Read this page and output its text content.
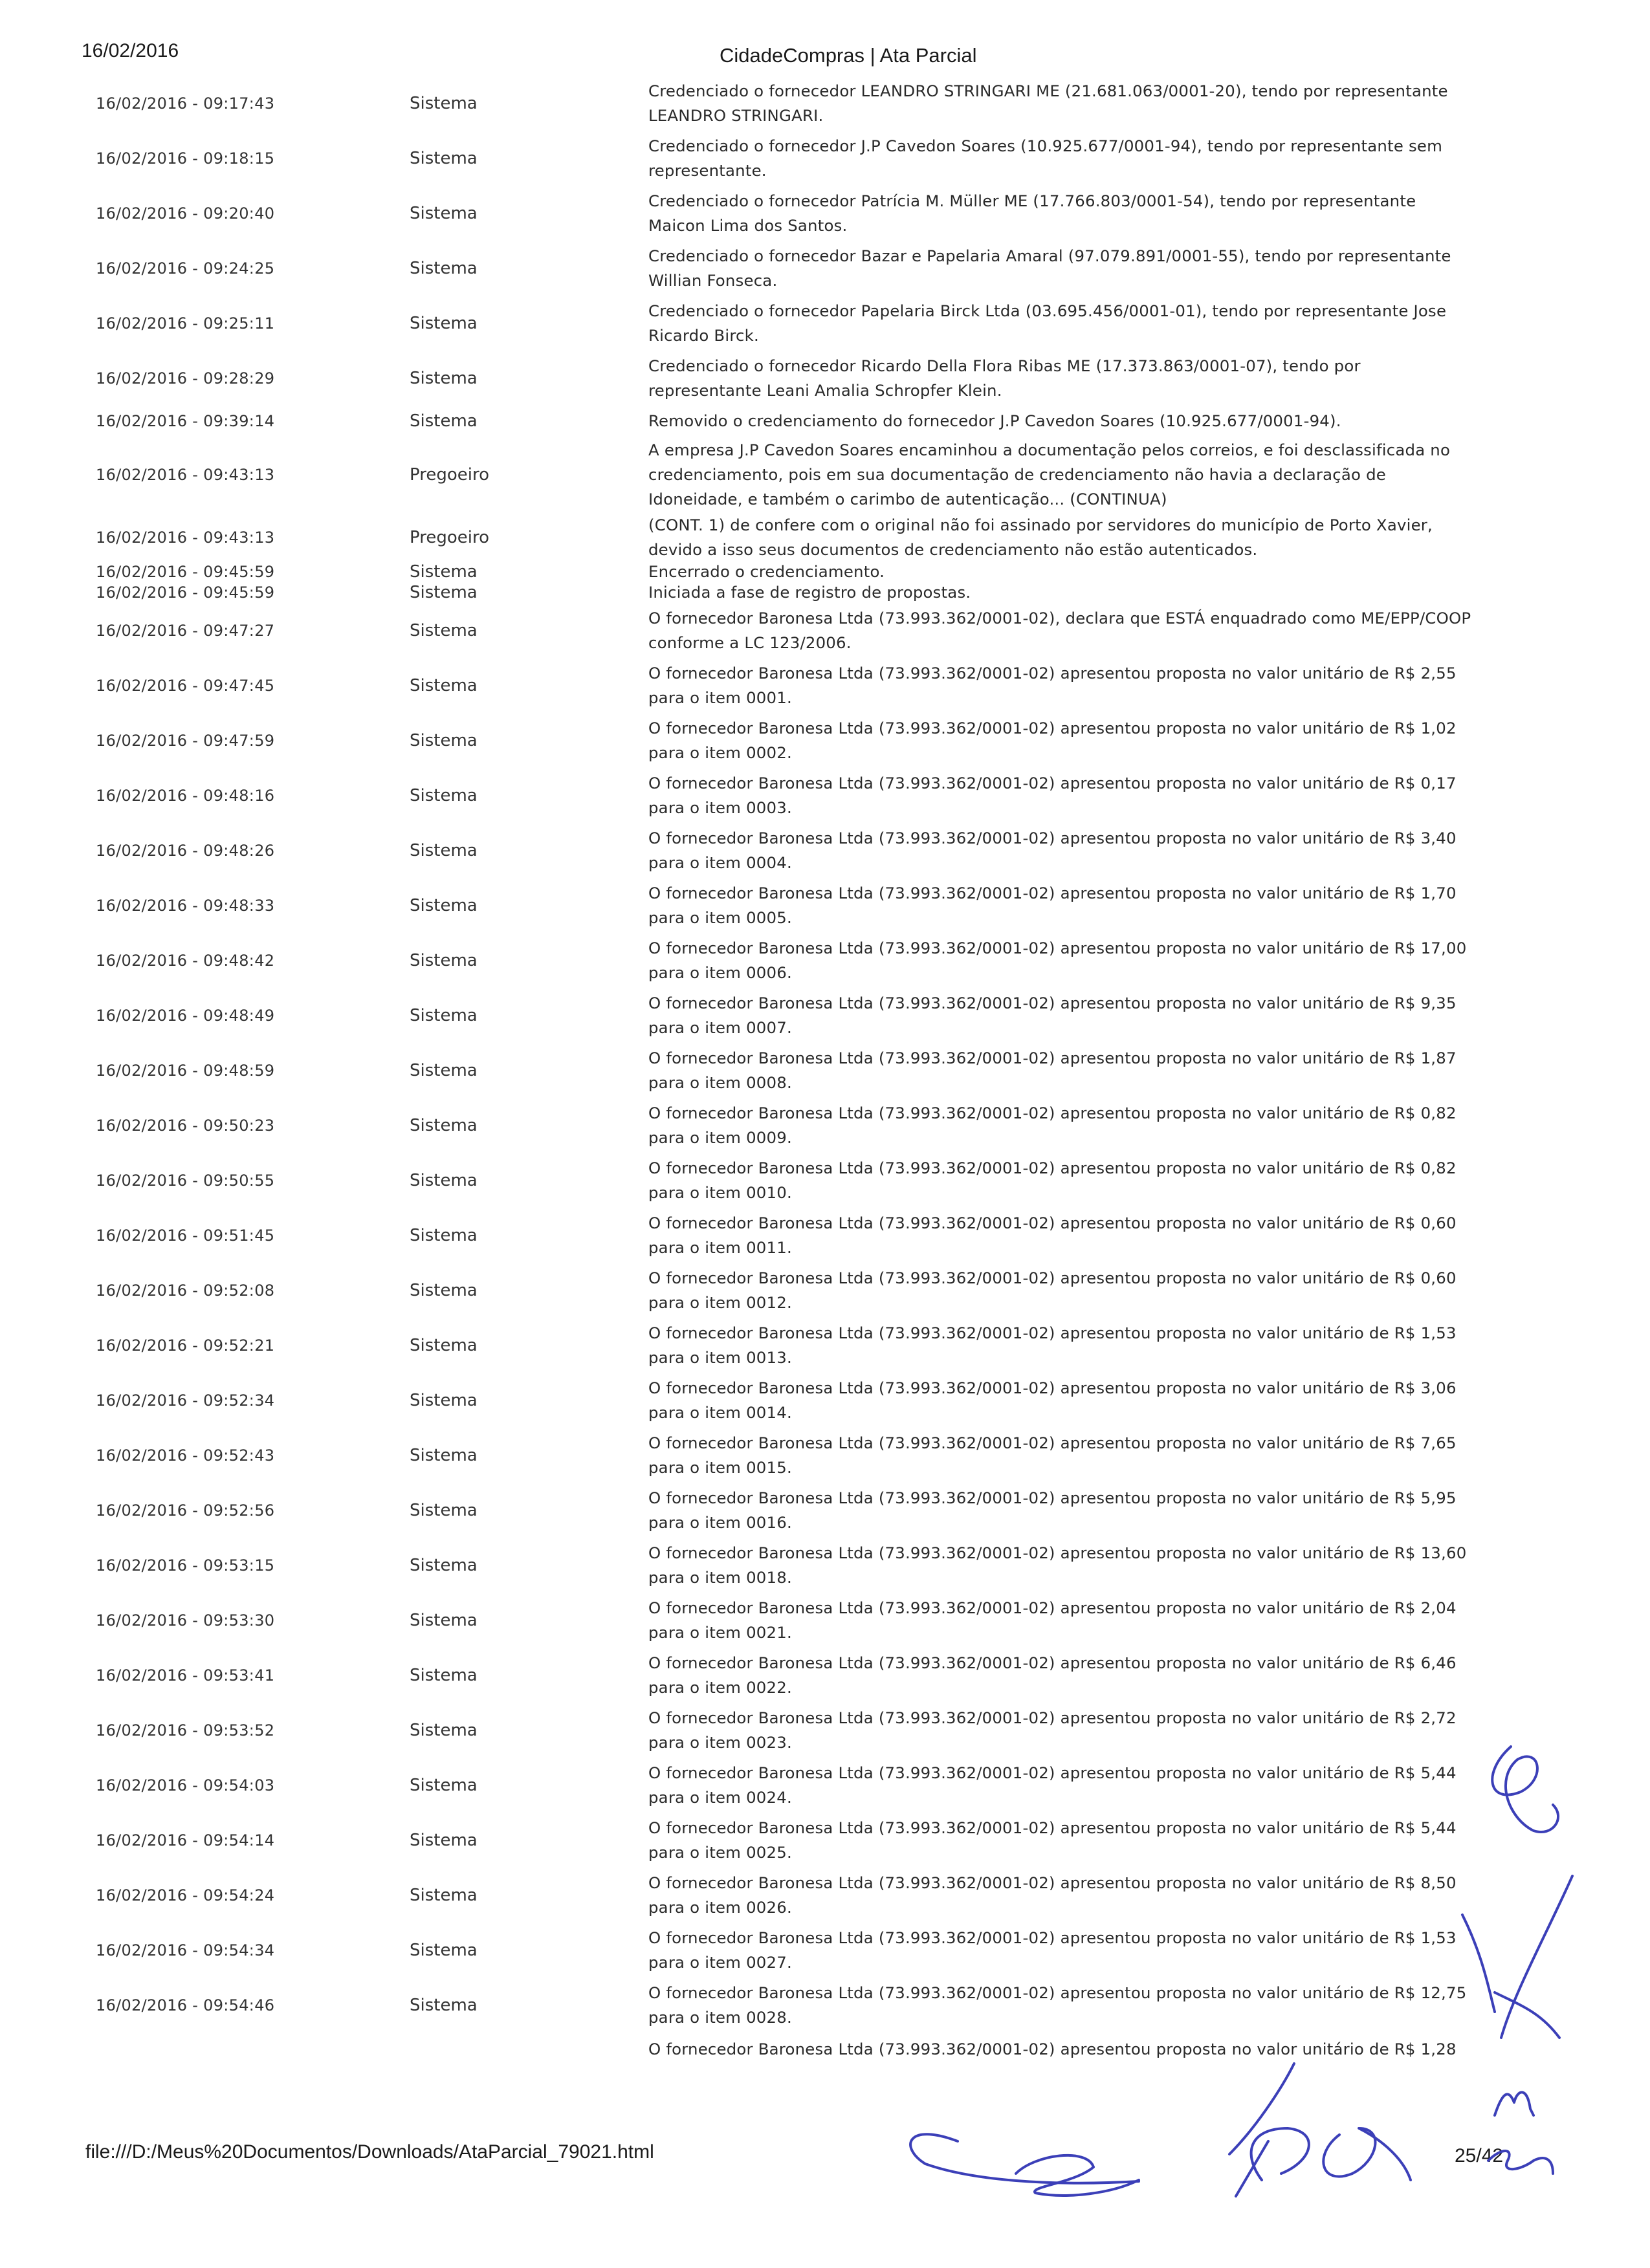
16/02/2016	CidadeCompras | Ata Parcial
16/02/2016 - 09:17:43	Sistema
Credenciado o fornecedor LEANDRO STRINGARI ME (21.681.063/0001-20), tendo por representante LEANDRO STRINGARI.
16/02/2016 - 09:18:15	Sistema
Credenciado o fornecedor J.P Cavedon Soares (10.925.677/0001-94), tendo por representante sem representante.
16/02/2016 - 09:20:40	Sistema
Credenciado o fornecedor Patrícia M. Müller ME (17.766.803/0001-54), tendo por representante Maicon Lima dos Santos.
16/02/2016 - 09:24:25	Sistema
Credenciado o fornecedor Bazar e Papelaria Amaral (97.079.891/0001-55), tendo por representante Willian Fonseca.
16/02/2016 - 09:25:11	Sistema
Credenciado o fornecedor Papelaria Birck Ltda (03.695.456/0001-01), tendo por representante Jose Ricardo Birck.
16/02/2016 - 09:28:29	Sistema
Credenciado o fornecedor Ricardo Della Flora Ribas ME (17.373.863/0001-07), tendo por representante Leani Amalia Schropfer Klein.
16/02/2016 - 09:39:14	Sistema	Removido o credenciamento do fornecedor J.P Cavedon Soares (10.925.677/0001-94).
16/02/2016 - 09:43:13	Pregoeiro
A empresa J.P Cavedon Soares encaminhou a documentação pelos correios, e foi desclassificada no credenciamento, pois em sua documentação de credenciamento não havia a declaração de Idoneidade, e também o carimbo de autenticação... (CONTINUA)
16/02/2016 - 09:43:13	Pregoeiro
(CONT. 1) de confere com o original não foi assinado por servidores do município de Porto Xavier, devido a isso seus documentos de credenciamento não estão autenticados.
16/02/2016 - 09:45:59	Sistema	Encerrado o credenciamento.
16/02/2016 - 09:45:59	Sistema	Iniciada a fase de registro de propostas.
16/02/2016 - 09:47:27	Sistema
O fornecedor Baronesa Ltda (73.993.362/0001-02), declara que ESTÁ enquadrado como ME/EPP/COOP conforme a LC 123/2006.
16/02/2016 - 09:47:45	Sistema
O fornecedor Baronesa Ltda (73.993.362/0001-02) apresentou proposta no valor unitário de R$ 2,55 para o item 0001.
16/02/2016 - 09:47:59	Sistema
O fornecedor Baronesa Ltda (73.993.362/0001-02) apresentou proposta no valor unitário de R$ 1,02 para o item 0002.
16/02/2016 - 09:48:16	Sistema
O fornecedor Baronesa Ltda (73.993.362/0001-02) apresentou proposta no valor unitário de R$ 0,17 para o item 0003.
16/02/2016 - 09:48:26	Sistema
O fornecedor Baronesa Ltda (73.993.362/0001-02) apresentou proposta no valor unitário de R$ 3,40 para o item 0004.
16/02/2016 - 09:48:33	Sistema
O fornecedor Baronesa Ltda (73.993.362/0001-02) apresentou proposta no valor unitário de R$ 1,70 para o item 0005.
16/02/2016 - 09:48:42	Sistema
O fornecedor Baronesa Ltda (73.993.362/0001-02) apresentou proposta no valor unitário de R$ 17,00 para o item 0006.
16/02/2016 - 09:48:49	Sistema
O fornecedor Baronesa Ltda (73.993.362/0001-02) apresentou proposta no valor unitário de R$ 9,35 para o item 0007.
16/02/2016 - 09:48:59	Sistema
O fornecedor Baronesa Ltda (73.993.362/0001-02) apresentou proposta no valor unitário de R$ 1,87 para o item 0008.
16/02/2016 - 09:50:23	Sistema
O fornecedor Baronesa Ltda (73.993.362/0001-02) apresentou proposta no valor unitário de R$ 0,82 para o item 0009.
16/02/2016 - 09:50:55	Sistema
O fornecedor Baronesa Ltda (73.993.362/0001-02) apresentou proposta no valor unitário de R$ 0,82 para o item 0010.
16/02/2016 - 09:51:45	Sistema
O fornecedor Baronesa Ltda (73.993.362/0001-02) apresentou proposta no valor unitário de R$ 0,60 para o item 0011.
16/02/2016 - 09:52:08	Sistema
O fornecedor Baronesa Ltda (73.993.362/0001-02) apresentou proposta no valor unitário de R$ 0,60 para o item 0012.
16/02/2016 - 09:52:21	Sistema
O fornecedor Baronesa Ltda (73.993.362/0001-02) apresentou proposta no valor unitário de R$ 1,53 para o item 0013.
16/02/2016 - 09:52:34	Sistema
O fornecedor Baronesa Ltda (73.993.362/0001-02) apresentou proposta no valor unitário de R$ 3,06 para o item 0014.
16/02/2016 - 09:52:43	Sistema
O fornecedor Baronesa Ltda (73.993.362/0001-02) apresentou proposta no valor unitário de R$ 7,65 para o item 0015.
16/02/2016 - 09:52:56	Sistema
O fornecedor Baronesa Ltda (73.993.362/0001-02) apresentou proposta no valor unitário de R$ 5,95 para o item 0016.
16/02/2016 - 09:53:15	Sistema
O fornecedor Baronesa Ltda (73.993.362/0001-02) apresentou proposta no valor unitário de R$ 13,60 para o item 0018.
16/02/2016 - 09:53:30	Sistema
O fornecedor Baronesa Ltda (73.993.362/0001-02) apresentou proposta no valor unitário de R$ 2,04 para o item 0021.
16/02/2016 - 09:53:41	Sistema
O fornecedor Baronesa Ltda (73.993.362/0001-02) apresentou proposta no valor unitário de R$ 6,46 para o item 0022.
16/02/2016 - 09:53:52	Sistema
O fornecedor Baronesa Ltda (73.993.362/0001-02) apresentou proposta no valor unitário de R$ 2,72 para o item 0023.
16/02/2016 - 09:54:03	Sistema
O fornecedor Baronesa Ltda (73.993.362/0001-02) apresentou proposta no valor unitário de R$ 5,44 para o item 0024.
16/02/2016 - 09:54:14	Sistema
O fornecedor Baronesa Ltda (73.993.362/0001-02) apresentou proposta no valor unitário de R$ 5,44 para o item 0025.
16/02/2016 - 09:54:24	Sistema
O fornecedor Baronesa Ltda (73.993.362/0001-02) apresentou proposta no valor unitário de R$ 8,50 para o item 0026.
16/02/2016 - 09:54:34	Sistema
O fornecedor Baronesa Ltda (73.993.362/0001-02) apresentou proposta no valor unitário de R$ 1,53 para o item 0027.
16/02/2016 - 09:54:46	Sistema
O fornecedor Baronesa Ltda (73.993.362/0001-02) apresentou proposta no valor unitário de R$ 12,75 para o item 0028.
O fornecedor Baronesa Ltda (73.993.362/0001-02) apresentou proposta no valor unitário de R$ 1,28
file:///D:/Meus%20Documentos/Downloads/AtaParcial_79021.html	25/42
